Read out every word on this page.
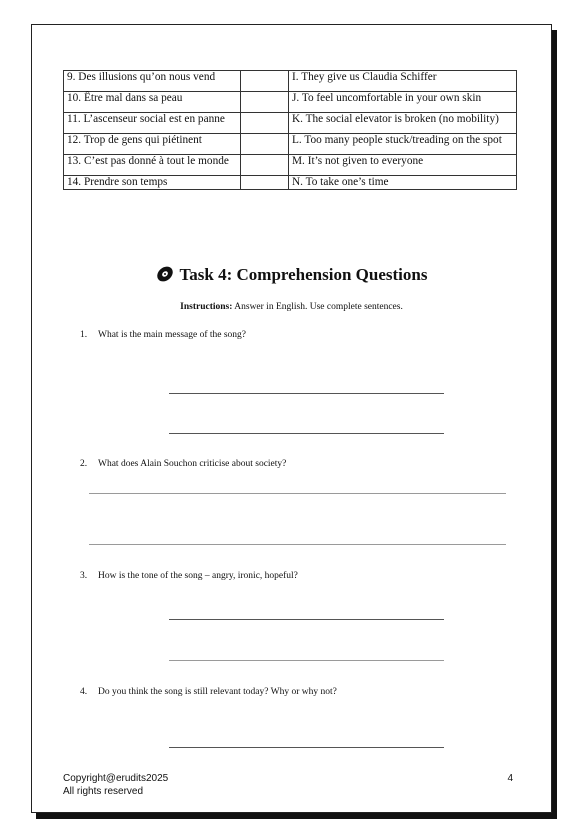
9. Des illusions qu’on nous vend		I. They give us Claudia Schiffer
10. Être mal dans sa peau		J. To feel uncomfortable in your own skin
11. L’ascenseur social est en panne		K. The social elevator is broken (no mobility)
12. Trop de gens qui piétinent		L. Too many people stuck/treading on the spot
13. C’est pas donné à tout le monde		M. It’s not given to everyone
14. Prendre son temps		N. To take one’s time
Task 4: Comprehension Questions
Instructions: Answer in English. Use complete sentences.
1. What is the main message of the song?
2. What does Alain Souchon criticise about society?
3. How is the tone of the song – angry, ironic, hopeful?
4. Do you think the song is still relevant today? Why or why not?
Copyright@erudits2025
All rights reserved
4
